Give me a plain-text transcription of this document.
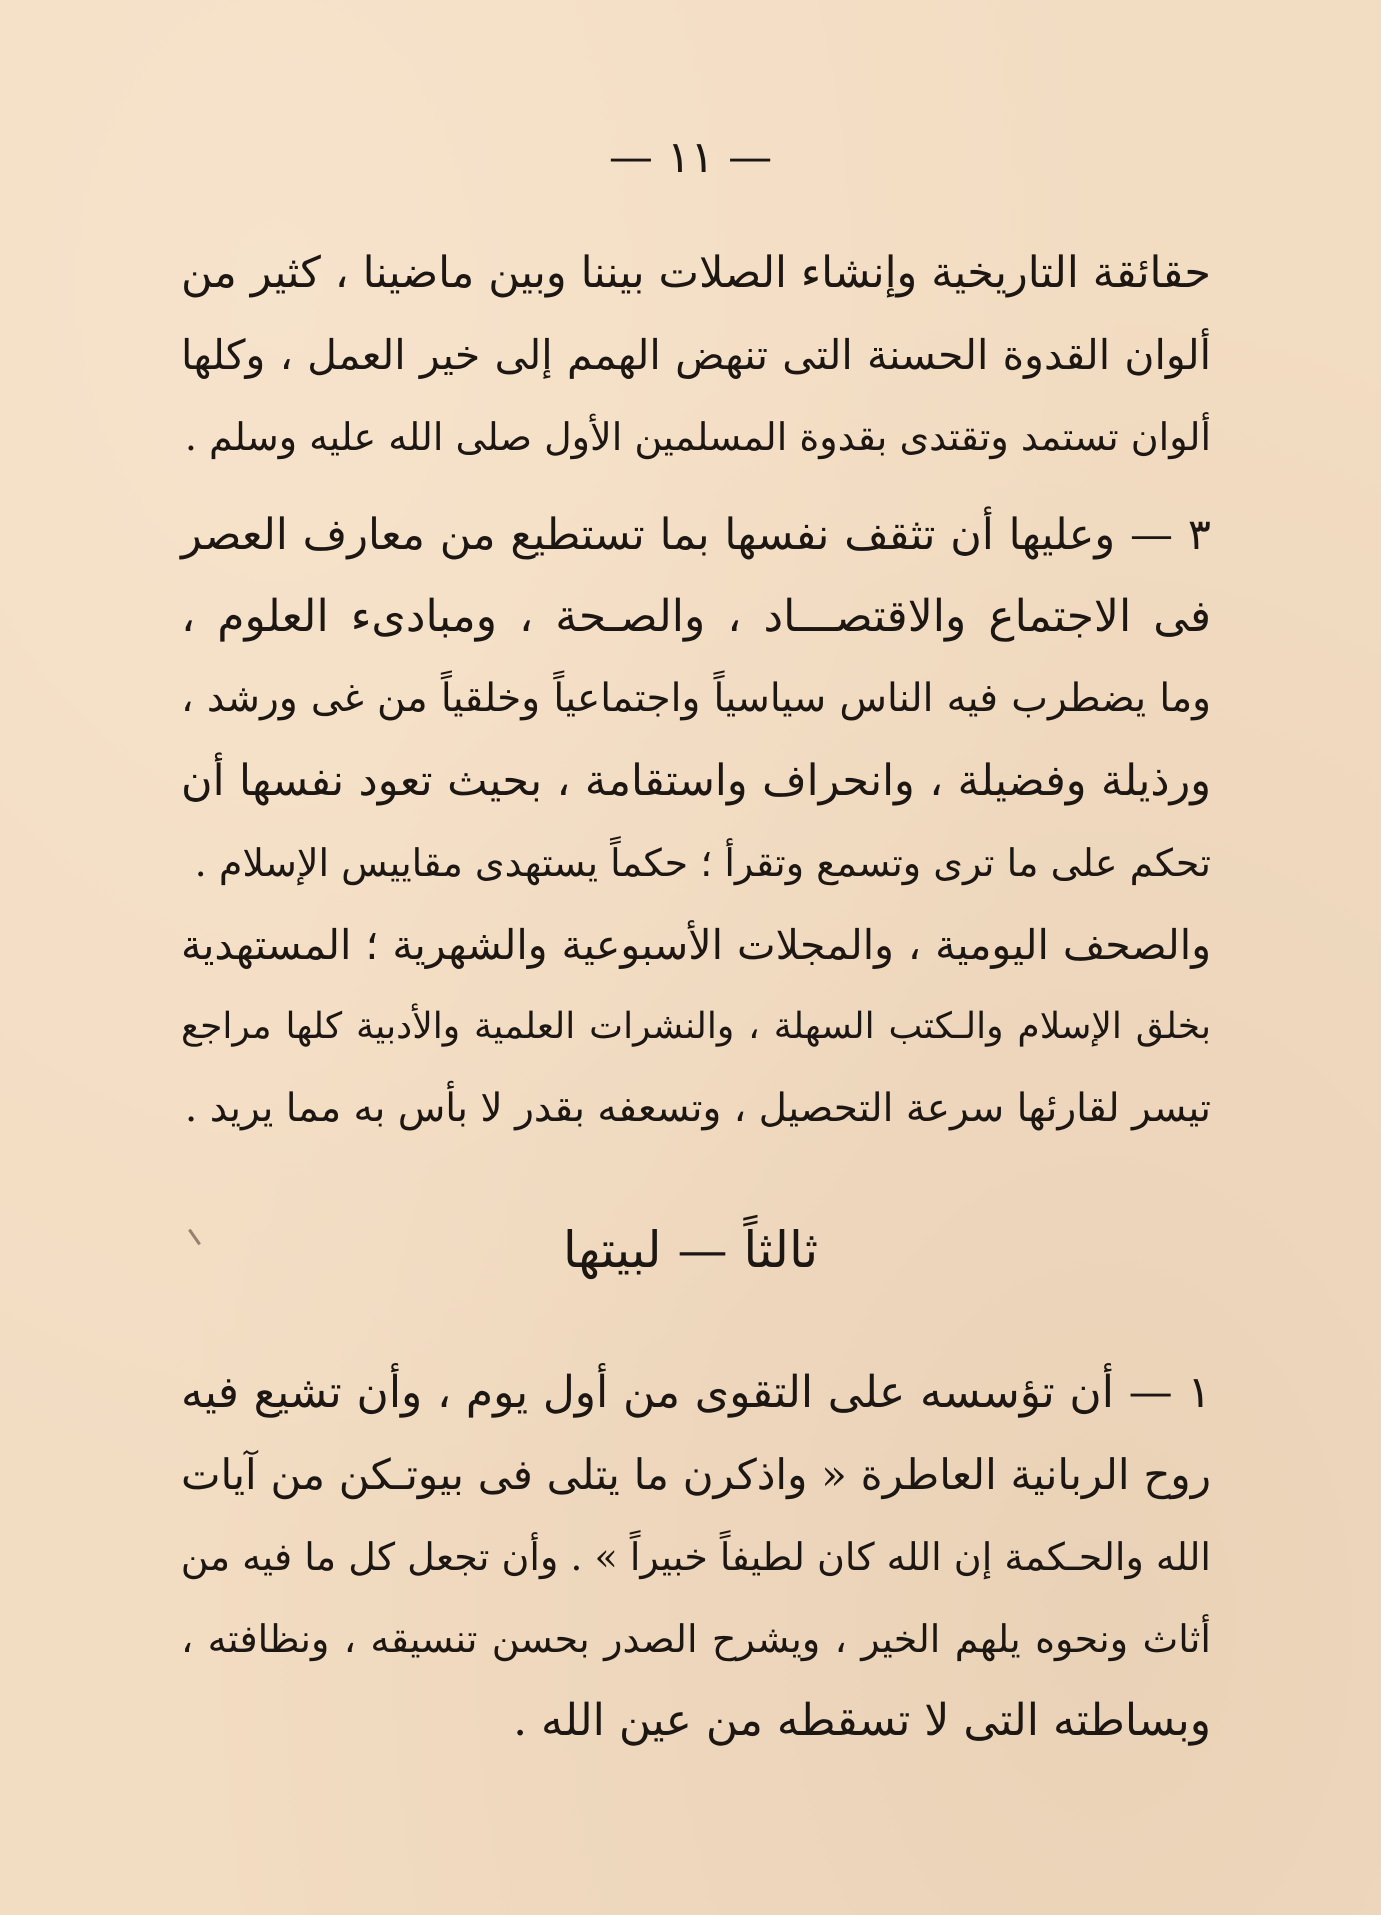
— ١١ —
حقائقة التاريخية وإنشاء الصلات بيننا وبين ماضينا ، كثير من
ألوان القدوة الحسنة التى تنهض الهمم إلى خير العمل ، وكلها
ألوان تستمد وتقتدى بقدوة المسلمين الأول صلى الله عليه وسلم .
٣ — وعليها أن تثقف نفسها بما تستطيع من معارف العصر
فى الاجتماع والاقتصـــاد ، والصـحة ، ومبادىء العلوم ،
وما يضطرب فيه الناس سياسياً واجتماعياً وخلقياً من غى ورشد ،
ورذيلة وفضيلة ، وانحراف واستقامة ، بحيث تعود نفسها أن
تحكم على ما ترى وتسمع وتقرأ ؛ حكماً يستهدى مقاييس الإسلام .
والصحف اليومية ، والمجلات الأسبوعية والشهرية ؛ المستهدية
بخلق الإسلام والـكتب السهلة ، والنشرات العلمية والأدبية كلها مراجع
تيسر لقارئها سرعة التحصيل ، وتسعفه بقدر لا بأس به مما يريد .
ثالثاً — لبيتها
١ — أن تؤسسه على التقوى من أول يوم ، وأن تشيع فيه
روح الربانية العاطرة « واذكرن ما يتلى فى بيوتـكن من آيات
الله والحـكمة إن الله كان لطيفاً خبيراً » . وأن تجعل كل ما فيه من
أثاث ونحوه يلهم الخير ، ويشرح الصدر بحسن تنسيقه ، ونظافته ،
وبساطته التى لا تسقطه من عين الله .
